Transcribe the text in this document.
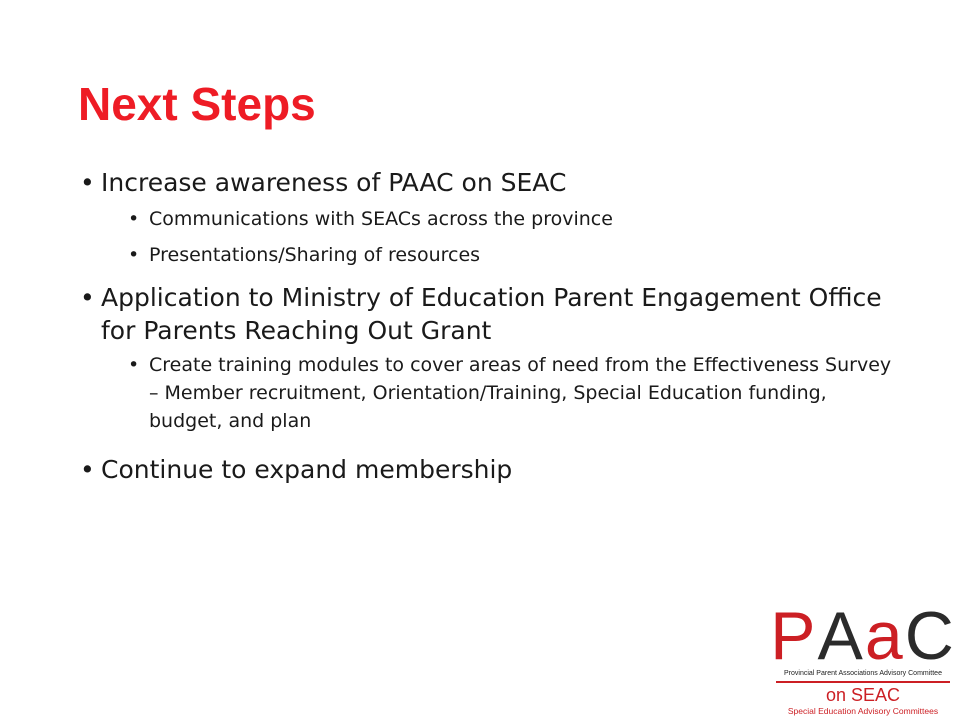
Next Steps
• Increase awareness of PAAC on SEAC
• Communications with SEACs across the province
• Presentations/Sharing of resources
• Application to Ministry of Education Parent Engagement Office for Parents Reaching Out Grant
• Create training modules to cover areas of need from the Effectiveness Survey – Member recruitment, Orientation/Training, Special Education funding, budget, and plan
• Continue to expand membership
PAaC
Provincial Parent Associations Advisory Committee
on SEAC
Special Education Advisory Committees
